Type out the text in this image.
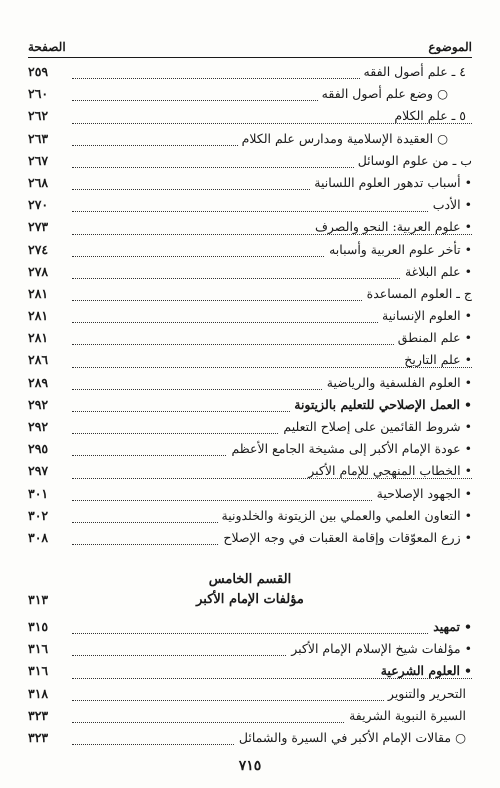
الموضوع
الصفحة
٤ ـ علم أصول الفقه
٢٥٩
○وضع علم أصول الفقه
٢٦٠
٥ ـ علم الكلام
٢٦٢
○العقيدة الإسلامية ومدارس علم الكلام
٢٦٣
ب ـ من علوم الوسائل
٢٦٧
•أسباب تدهور العلوم اللسانية
٢٦٨
•الأدب
٢٧٠
•علوم العربية: النحو والصرف
٢٧٣
•تأخر علوم العربية وأسبابه
٢٧٤
•علم البلاغة
٢٧٨
ج ـ العلوم المساعدة
٢٨١
•العلوم الإنسانية
٢٨١
•علم المنطق
٢٨١
•علم التاريخ
٢٨٦
•العلوم الفلسفية والرياضية
٢٨٩
•العمل الإصلاحي للتعليم بالزيتونة
٢٩٢
•شروط القائمين على إصلاح التعليم
٢٩٢
•عودة الإمام الأكبر إلى مشيخة الجامع الأعظم
٢٩٥
•الخطاب المنهجي للإمام الأكبر
٢٩٧
•الجهود الإصلاحية
٣٠١
•التعاون العلمي والعملي بين الزيتونة والخلدونية
٣٠٢
•زرع المعوّقات وإقامة العقبات في وجه الإصلاح
٣٠٨
القسم الخامس
مؤلفات الإمام الأكبر
٣١٣
•تمهيد
٣١٥
•مؤلفات شيخ الإسلام الإمام الأكبر
٣١٦
•العلوم الشرعية
٣١٦
التحرير والتنوير
٣١٨
السيرة النبوية الشريفة
٣٢٣
○مقالات الإمام الأكبر في السيرة والشمائل
٣٢٣
٧١٥
